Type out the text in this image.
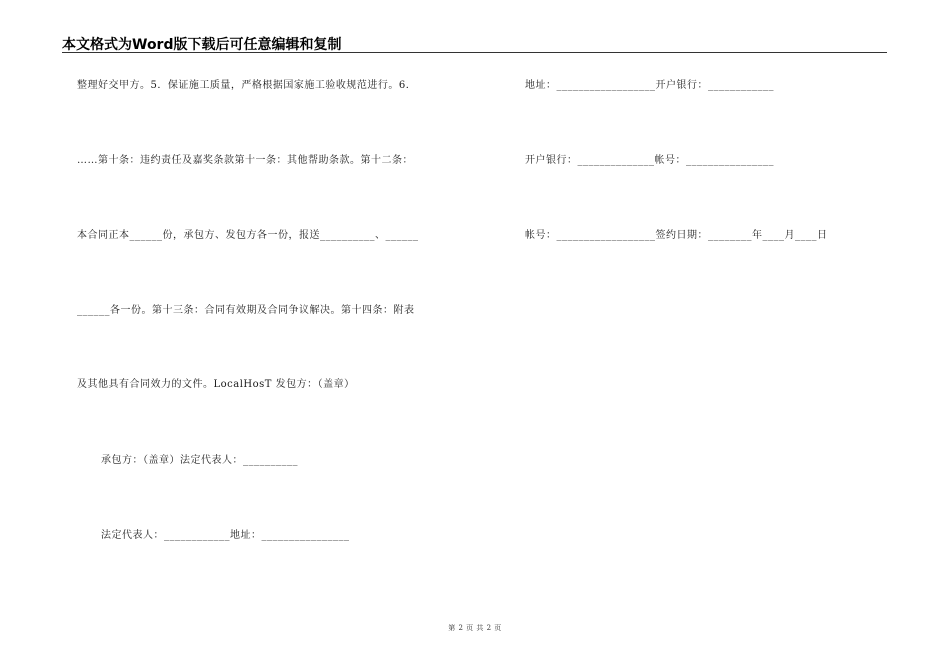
本文格式为Word版下载后可任意编辑和复制
整理好交甲方。5．保证施工质量，严格根据国家施工验收规范进行。6．
……第十条：违约责任及嘉奖条款第十一条：其他帮助条款。第十二条：
本合同正本______份，承包方、发包方各一份，报送__________、______
______各一份。第十三条：合同有效期及合同争议解决。第十四条：附表
及其他具有合同效力的文件。LocalHosT 发包方：（盖章）
承包方：（盖章）法定代表人：__________
法定代表人：____________地址：________________
地址：__________________开户银行：____________
开户银行：______________帐号：________________
帐号：__________________签约日期：________年____月____日
第 2 页 共 2 页
